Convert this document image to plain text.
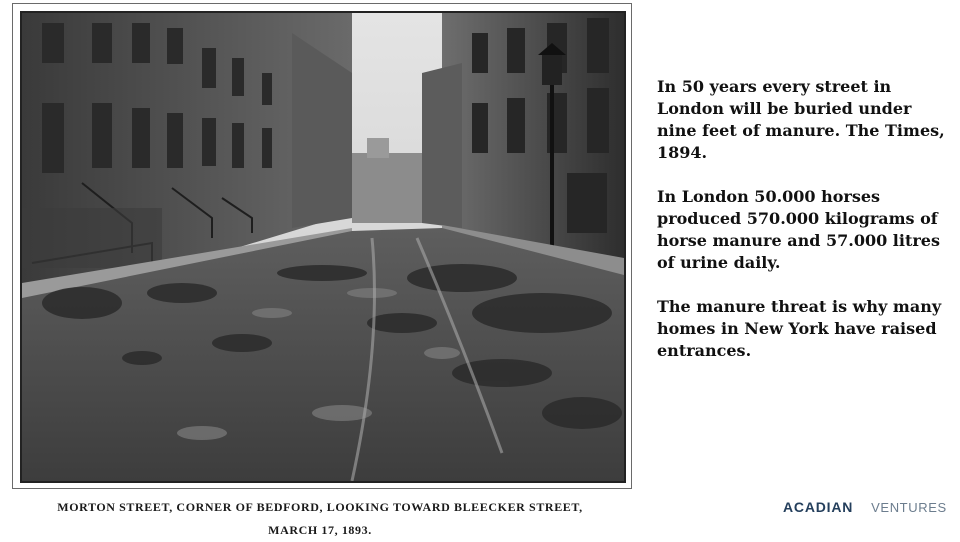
MORTON STREET, CORNER OF BEDFORD, LOOKING TOWARD BLEECKER STREET,
MARCH 17, 1893.

In 50 years every street in London will be buried under nine feet of manure. The Times, 1894.

In London 50.000 horses produced 570.000 kilograms of horse manure and 57.000 litres of urine daily.

The manure threat is why many homes in New York have raised entrances.

ACADIAN VENTURES
